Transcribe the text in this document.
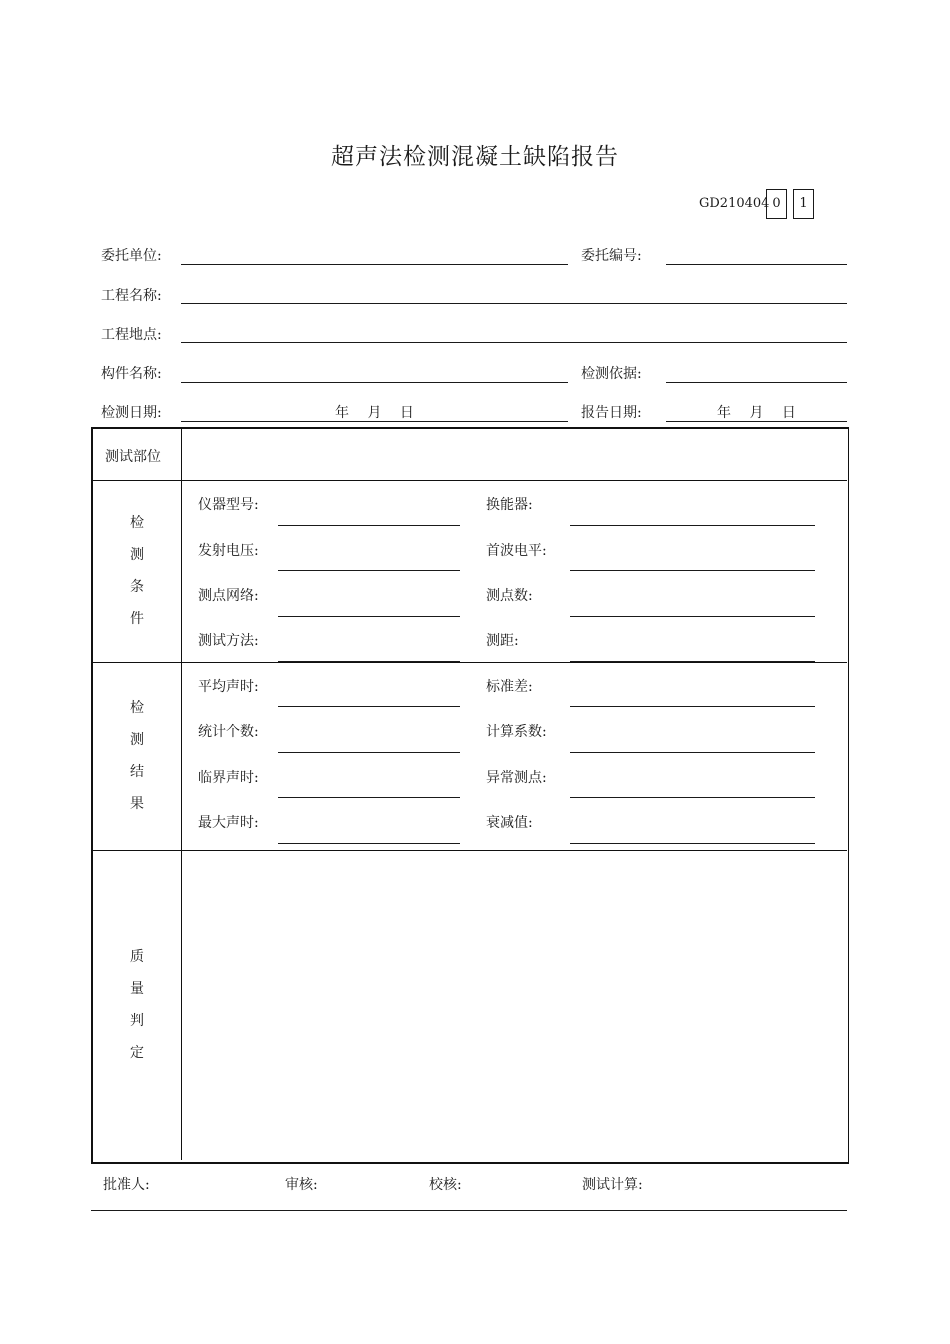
超声法检测混凝土缺陷报告
GD210404 0	1
委托单位:	委托编号:
工程名称:
工程地点:
构件名称:	检测依据:
检测日期:	年　 月　 日	报告日期:	年　 月　 日
测试部位
检
测
条
件
仪器型号:	换能器:
发射电压:	首波电平:
测点网络:	测点数:
测试方法:	测距:
检
测
结
果
平均声时:	标准差:
统计个数:	计算系数:
临界声时:	异常测点:
最大声时:	衰减值:
质
量
判
定
批准人:	审核:	校核:	测试计算:
